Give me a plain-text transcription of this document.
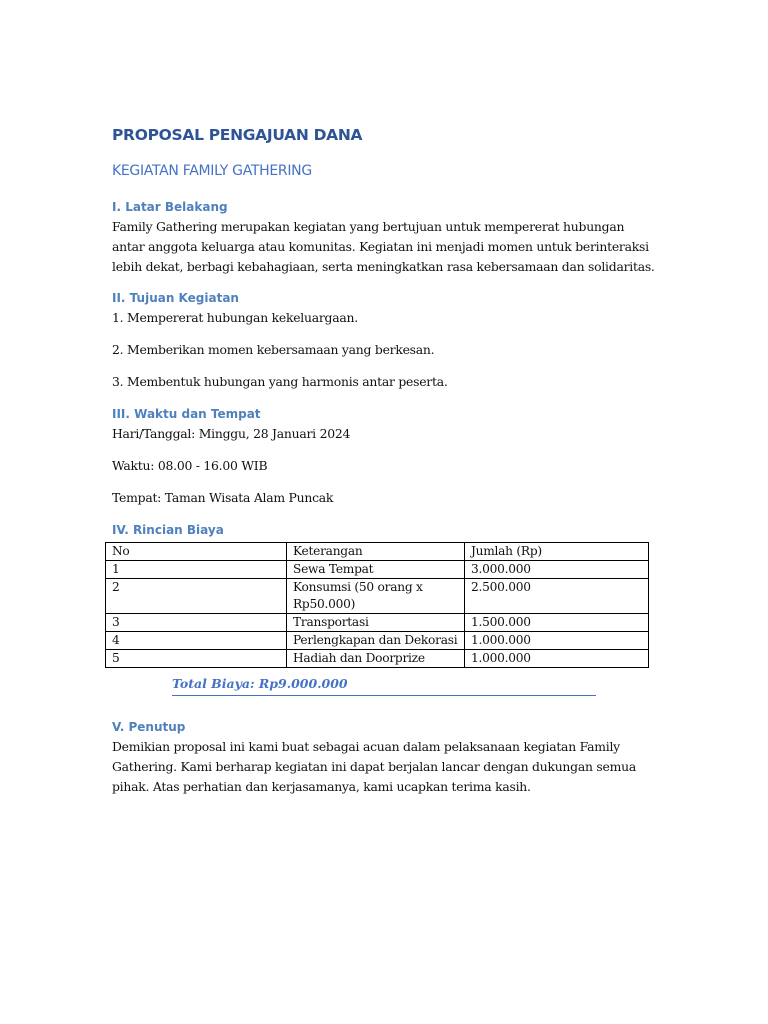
PROPOSAL PENGAJUAN DANA
KEGIATAN FAMILY GATHERING
I. Latar Belakang
Family Gathering merupakan kegiatan yang bertujuan untuk mempererat hubungan antar anggota keluarga atau komunitas. Kegiatan ini menjadi momen untuk berinteraksi lebih dekat, berbagi kebahagiaan, serta meningkatkan rasa kebersamaan dan solidaritas.
II. Tujuan Kegiatan
1. Mempererat hubungan kekeluargaan.
2. Memberikan momen kebersamaan yang berkesan.
3. Membentuk hubungan yang harmonis antar peserta.
III. Waktu dan Tempat
Hari/Tanggal: Minggu, 28 Januari 2024
Waktu: 08.00 - 16.00 WIB
Tempat: Taman Wisata Alam Puncak
IV. Rincian Biaya
No	Keterangan	Jumlah (Rp)
1	Sewa Tempat	3.000.000
2	Konsumsi (50 orang x Rp50.000)	2.500.000
3	Transportasi	1.500.000
4	Perlengkapan dan Dekorasi	1.000.000
5	Hadiah dan Doorprize	1.000.000
Total Biaya: Rp9.000.000
V. Penutup
Demikian proposal ini kami buat sebagai acuan dalam pelaksanaan kegiatan Family Gathering. Kami berharap kegiatan ini dapat berjalan lancar dengan dukungan semua pihak. Atas perhatian dan kerjasamanya, kami ucapkan terima kasih.
